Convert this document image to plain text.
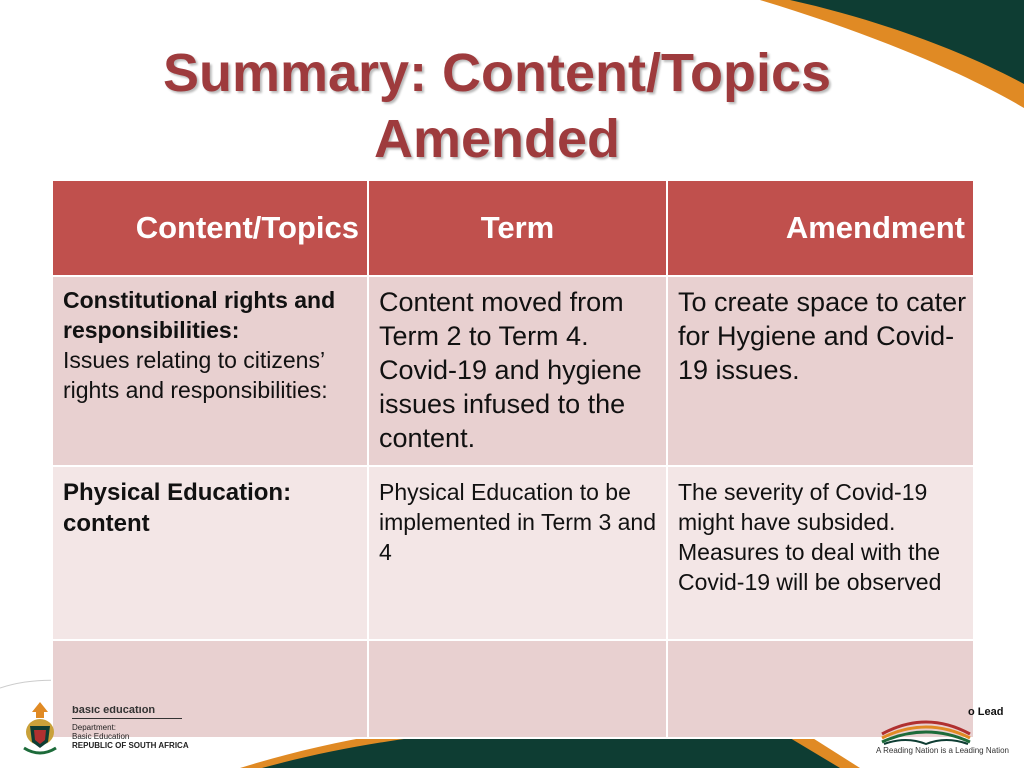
Summary: Content/Topics
Amended
Content/Topics	Term	Amendment

Constitutional rights and responsibilities:
Issues relating to citizens’ rights and responsibilities:	Content moved from Term 2 to Term 4. Covid-19 and hygiene issues infused to the content.	To create space to cater for Hygiene and Covid-19 issues.

Physical Education: content	Physical Education to be implemented in Term 3 and 4	The severity of Covid-19 might have subsided. Measures to deal with the Covid-19 will be observed

basic education
Department:
Basic Education
REPUBLIC OF SOUTH AFRICA
o Lead
A Reading Nation is a Leading Nation
